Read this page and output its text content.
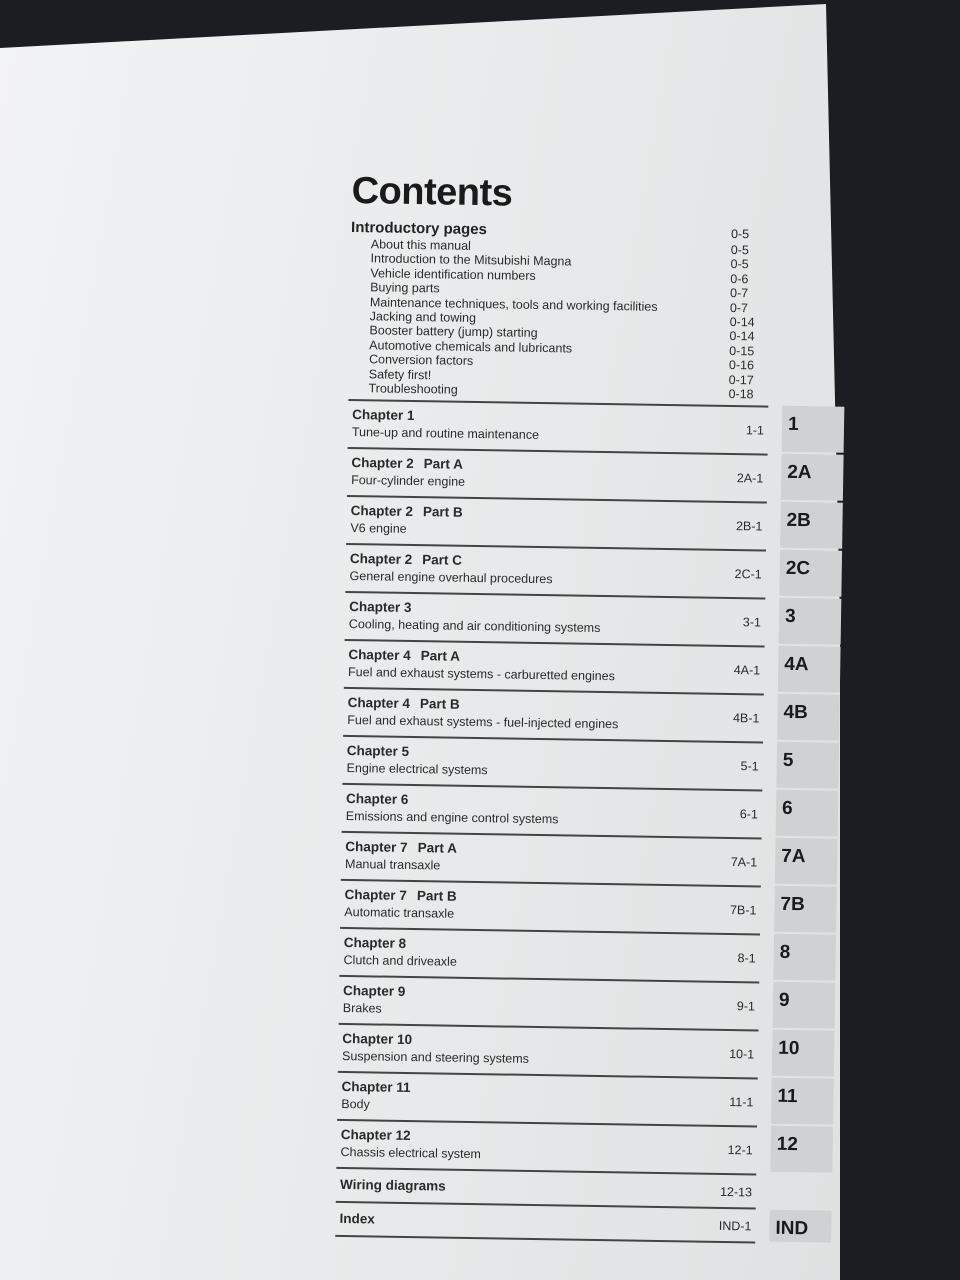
Contents
Introductory pages	0-5
About this manual	0-5
Introduction to the Mitsubishi Magna	0-5
Vehicle identification numbers	0-6
Buying parts	0-7
Maintenance techniques, tools and working facilities	0-7
Jacking and towing	0-14
Booster battery (jump) starting	0-14
Automotive chemicals and lubricants	0-15
Conversion factors	0-16
Safety first!	0-17
Troubleshooting	0-18
Chapter 1
Tune-up and routine maintenance	1-1 1
Chapter 2 Part A
Four-cylinder engine	2A-1 2A
Chapter 2 Part B
V6 engine	2B-1 2B
Chapter 2 Part C
General engine overhaul procedures	2C-1 2C
Chapter 3
Cooling, heating and air conditioning systems	3-1 3
Chapter 4 Part A
Fuel and exhaust systems - carburetted engines	4A-1 4A
Chapter 4 Part B
Fuel and exhaust systems - fuel-injected engines	4B-1 4B
Chapter 5
Engine electrical systems	5-1 5
Chapter 6
Emissions and engine control systems	6-1 6
Chapter 7 Part A
Manual transaxle	7A-1 7A
Chapter 7 Part B
Automatic transaxle	7B-1 7B
Chapter 8
Clutch and driveaxle	8-1 8
Chapter 9
Brakes	9-1 9
Chapter 10
Suspension and steering systems	10-1 10
Chapter 11
Body	11-1 11
Chapter 12
Chassis electrical system	12-1 12
Wiring diagrams	12-13
Index	IND-1 IND
